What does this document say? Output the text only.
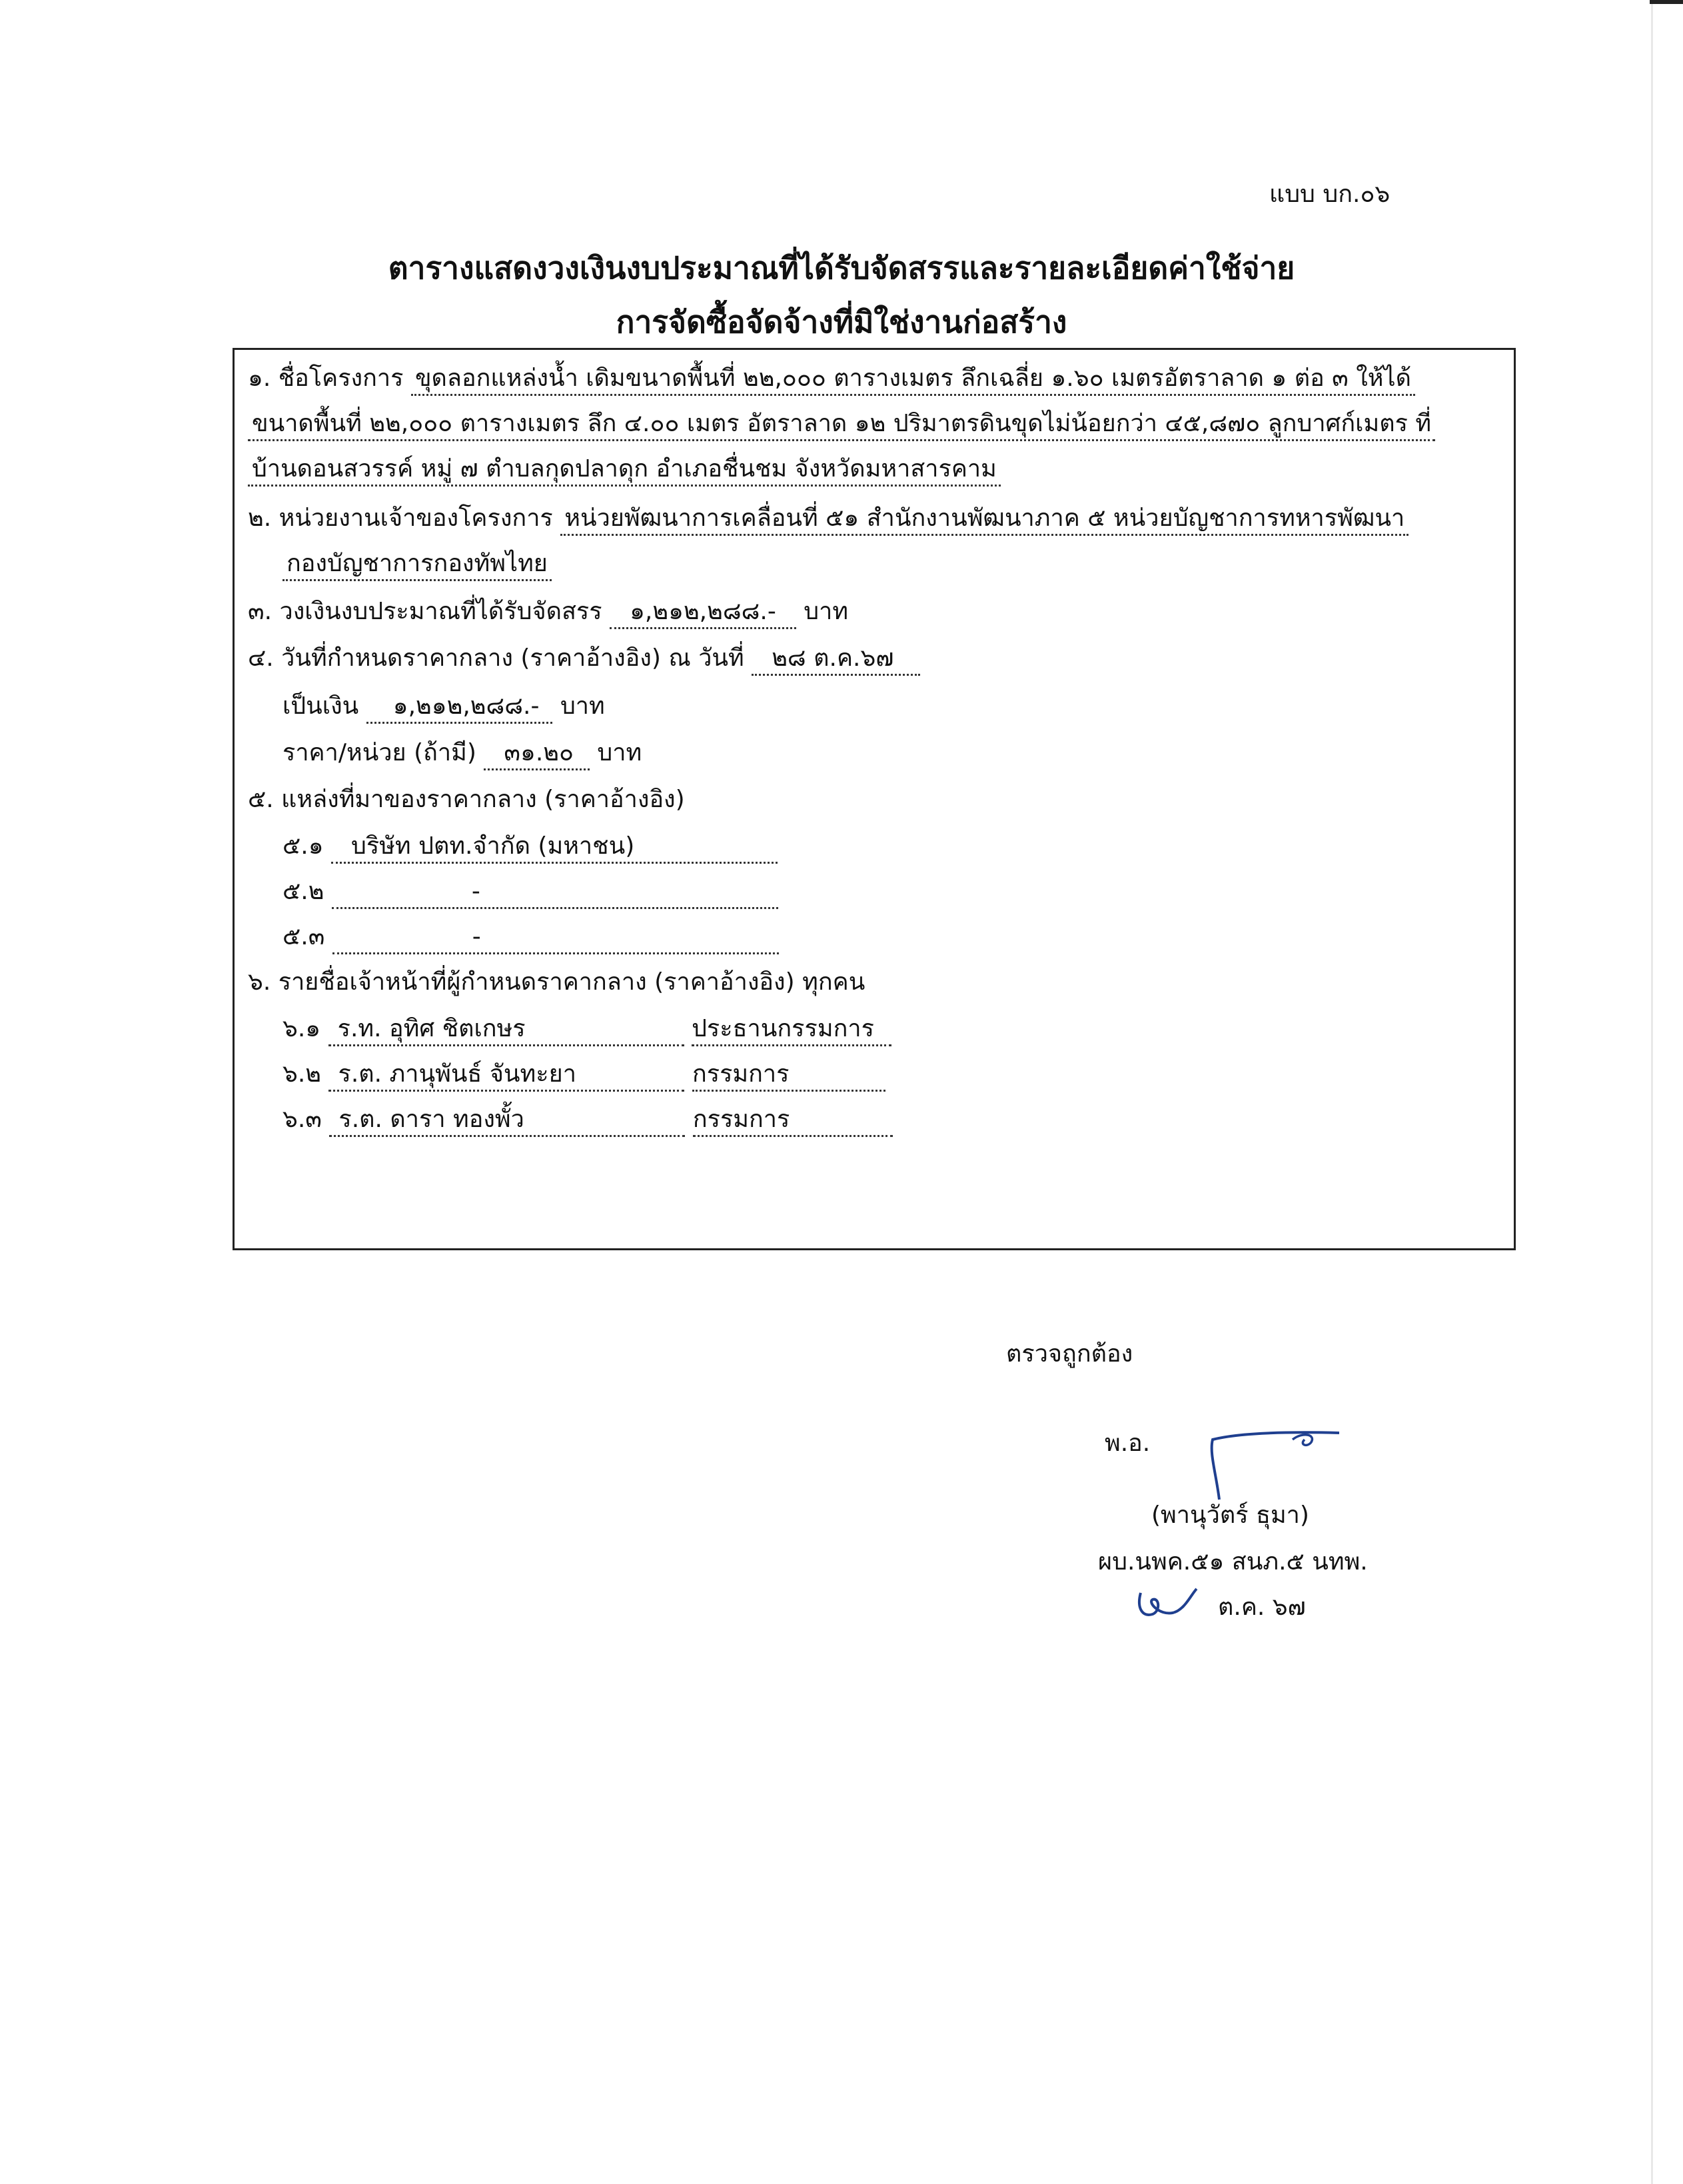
แบบ บก.๐๖
ตารางแสดงวงเงินงบประมาณที่ได้รับจัดสรรและรายละเอียดค่าใช้จ่าย
การจัดซื้อจัดจ้างที่มิใช่งานก่อสร้าง
๑. ชื่อโครงการ ขุดลอกแหล่งน้ำ เดิมขนาดพื้นที่ ๒๒,๐๐๐ ตารางเมตร ลึกเฉลี่ย ๑.๖๐ เมตรอัตราลาด ๑ ต่อ ๓ ให้ได้
ขนาดพื้นที่ ๒๒,๐๐๐ ตารางเมตร ลึก ๔.๐๐ เมตร อัตราลาด ๑๒ ปริมาตรดินขุดไม่น้อยกว่า ๔๕,๘๗๐ ลูกบาศก์เมตร ที่
บ้านดอนสวรรค์ หมู่ ๗ ตำบลกุดปลาดุก อำเภอชื่นชม จังหวัดมหาสารคาม
๒. หน่วยงานเจ้าของโครงการ หน่วยพัฒนาการเคลื่อนที่ ๕๑ สำนักงานพัฒนาภาค ๕ หน่วยบัญชาการทหารพัฒนา
กองบัญชาการกองทัพไทย
๓. วงเงินงบประมาณที่ได้รับจัดสรร ๑,๒๑๒,๒๘๘.- บาท
๔. วันที่กำหนดราคากลาง (ราคาอ้างอิง) ณ วันที่ ๒๘ ต.ค.๖๗
เป็นเงิน ๑,๒๑๒,๒๘๘.- บาท
ราคา/หน่วย (ถ้ามี) ๓๑.๒๐ บาท
๕. แหล่งที่มาของราคากลาง (ราคาอ้างอิง)
๕.๑ บริษัท ปตท.จำกัด (มหาชน)
๕.๒	-
๕.๓	-
๖. รายชื่อเจ้าหน้าที่ผู้กำหนดราคากลาง (ราคาอ้างอิง) ทุกคน
๖.๑ ร.ท. อุทิศ ชิตเกษร	ประธานกรรมการ
๖.๒ ร.ต. ภานุพันธ์ จันทะยา	กรรมการ
๖.๓ ร.ต. ดารา ทองพั้ว	กรรมการ
ตรวจถูกต้อง
พ.อ.
(พานุวัตร์ ธุมา)
ผบ.นพค.๕๑ สนภ.๕ นทพ.
ต.ค. ๖๗
